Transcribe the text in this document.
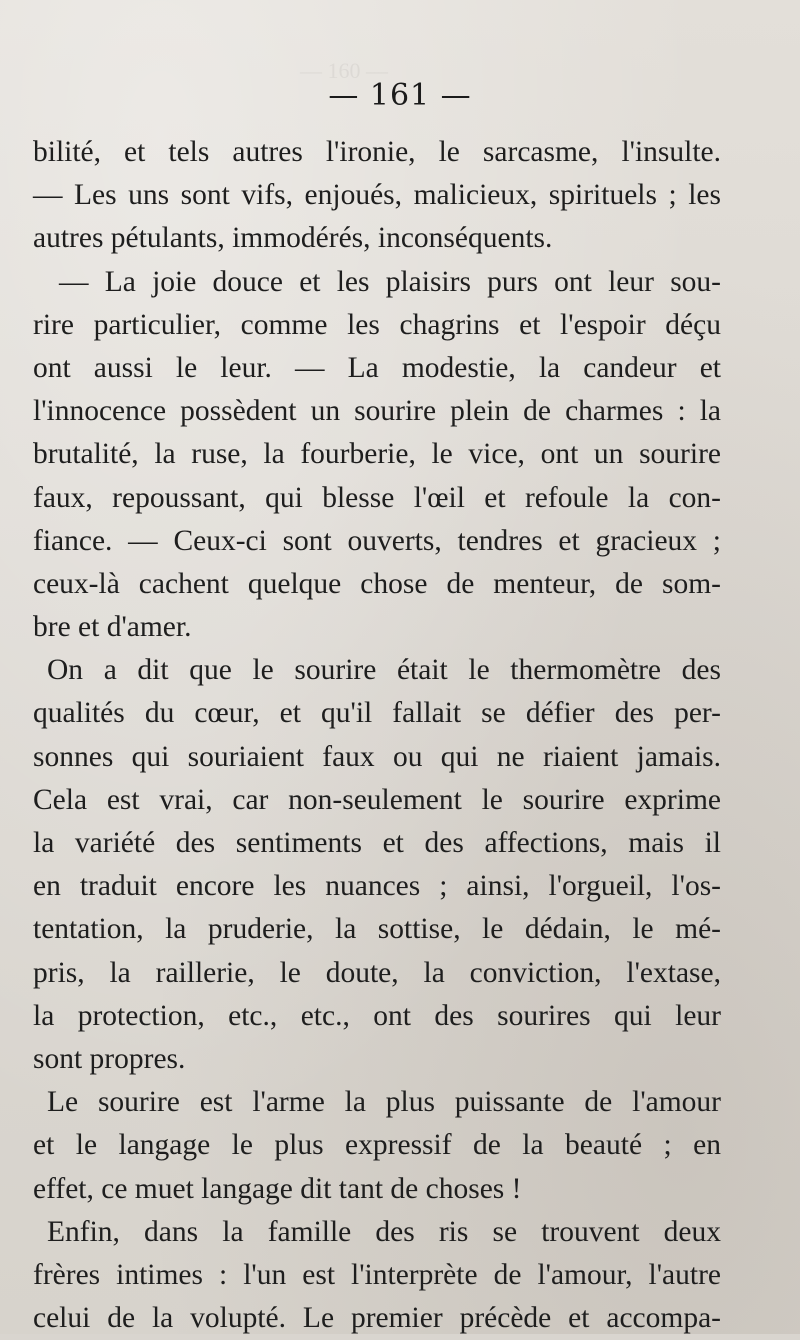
— 160 —
— 161 —
bilité, et tels autres l'ironie, le sarcasme, l'insulte.
— Les uns sont vifs, enjoués, malicieux, spirituels ; les
autres pétulants, immodérés, inconséquents.
— La joie douce et les plaisirs purs ont leur sou-
rire particulier, comme les chagrins et l'espoir déçu
ont aussi le leur. — La modestie, la candeur et
l'innocence possèdent un sourire plein de charmes : la
brutalité, la ruse, la fourberie, le vice, ont un sourire
faux, repoussant, qui blesse l'œil et refoule la con-
fiance. — Ceux-ci sont ouverts, tendres et gracieux ;
ceux-là cachent quelque chose de menteur, de som-
bre et d'amer.
On a dit que le sourire était le thermomètre des
qualités du cœur, et qu'il fallait se défier des per-
sonnes qui souriaient faux ou qui ne riaient jamais.
Cela est vrai, car non-seulement le sourire exprime
la variété des sentiments et des affections, mais il
en traduit encore les nuances ; ainsi, l'orgueil, l'os-
tentation, la pruderie, la sottise, le dédain, le mé-
pris, la raillerie, le doute, la conviction, l'extase,
la protection, etc., etc., ont des sourires qui leur
sont propres.
Le sourire est l'arme la plus puissante de l'amour
et le langage le plus expressif de la beauté ; en
effet, ce muet langage dit tant de choses !
Enfin, dans la famille des ris se trouvent deux
frères intimes : l'un est l'interprète de l'amour, l'autre
celui de la volupté. Le premier précède et accompa-
